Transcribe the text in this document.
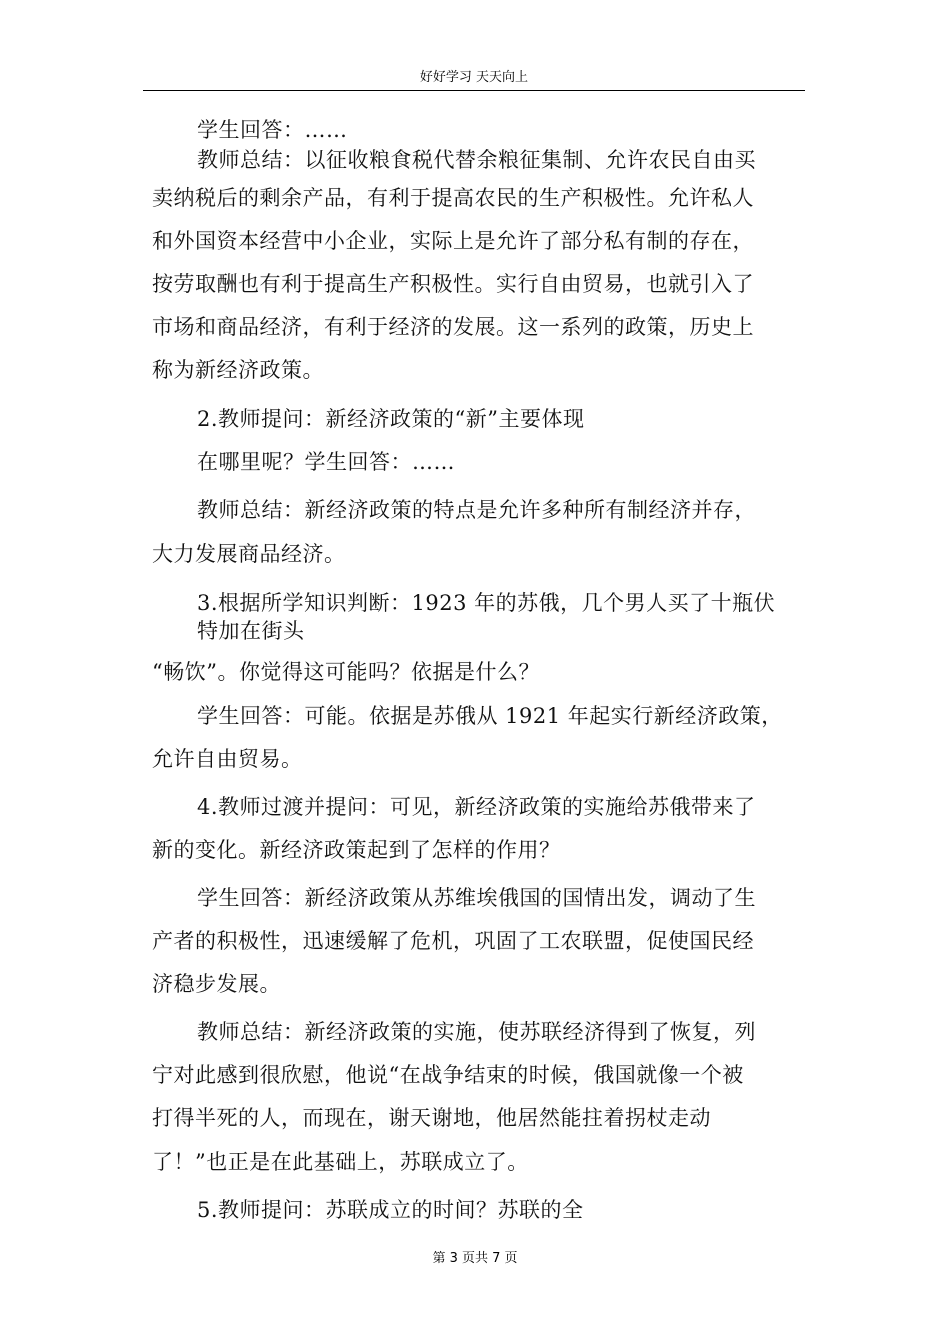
好好学习 天天向上
学生回答：……
教师总结：以征收粮食税代替余粮征集制、允许农民自由买
卖纳税后的剩余产品，有利于提高农民的生产积极性。允许私人
和外国资本经营中小企业，实际上是允许了部分私有制的存在，
按劳取酬也有利于提高生产积极性。实行自由贸易，也就引入了
市场和商品经济，有利于经济的发展。这一系列的政策，历史上
称为新经济政策。
2.教师提问：新经济政策的“新”主要体现
在哪里呢？学生回答：……
教师总结：新经济政策的特点是允许多种所有制经济并存，
大力发展商品经济。
3.根据所学知识判断：1923 年的苏俄，几个男人买了十瓶伏
特加在街头
“畅饮”。你觉得这可能吗？依据是什么？
学生回答：可能。依据是苏俄从 1921 年起实行新经济政策，
允许自由贸易。
4.教师过渡并提问：可见，新经济政策的实施给苏俄带来了
新的变化。新经济政策起到了怎样的作用？
学生回答：新经济政策从苏维埃俄国的国情出发，调动了生
产者的积极性，迅速缓解了危机，巩固了工农联盟，促使国民经
济稳步发展。
教师总结：新经济政策的实施，使苏联经济得到了恢复，列
宁对此感到很欣慰，他说“在战争结束的时候，俄国就像一个被
打得半死的人，而现在，谢天谢地，他居然能拄着拐杖走动
了！”也正是在此基础上，苏联成立了。
5.教师提问：苏联成立的时间？苏联的全
第 3 页共 7 页
